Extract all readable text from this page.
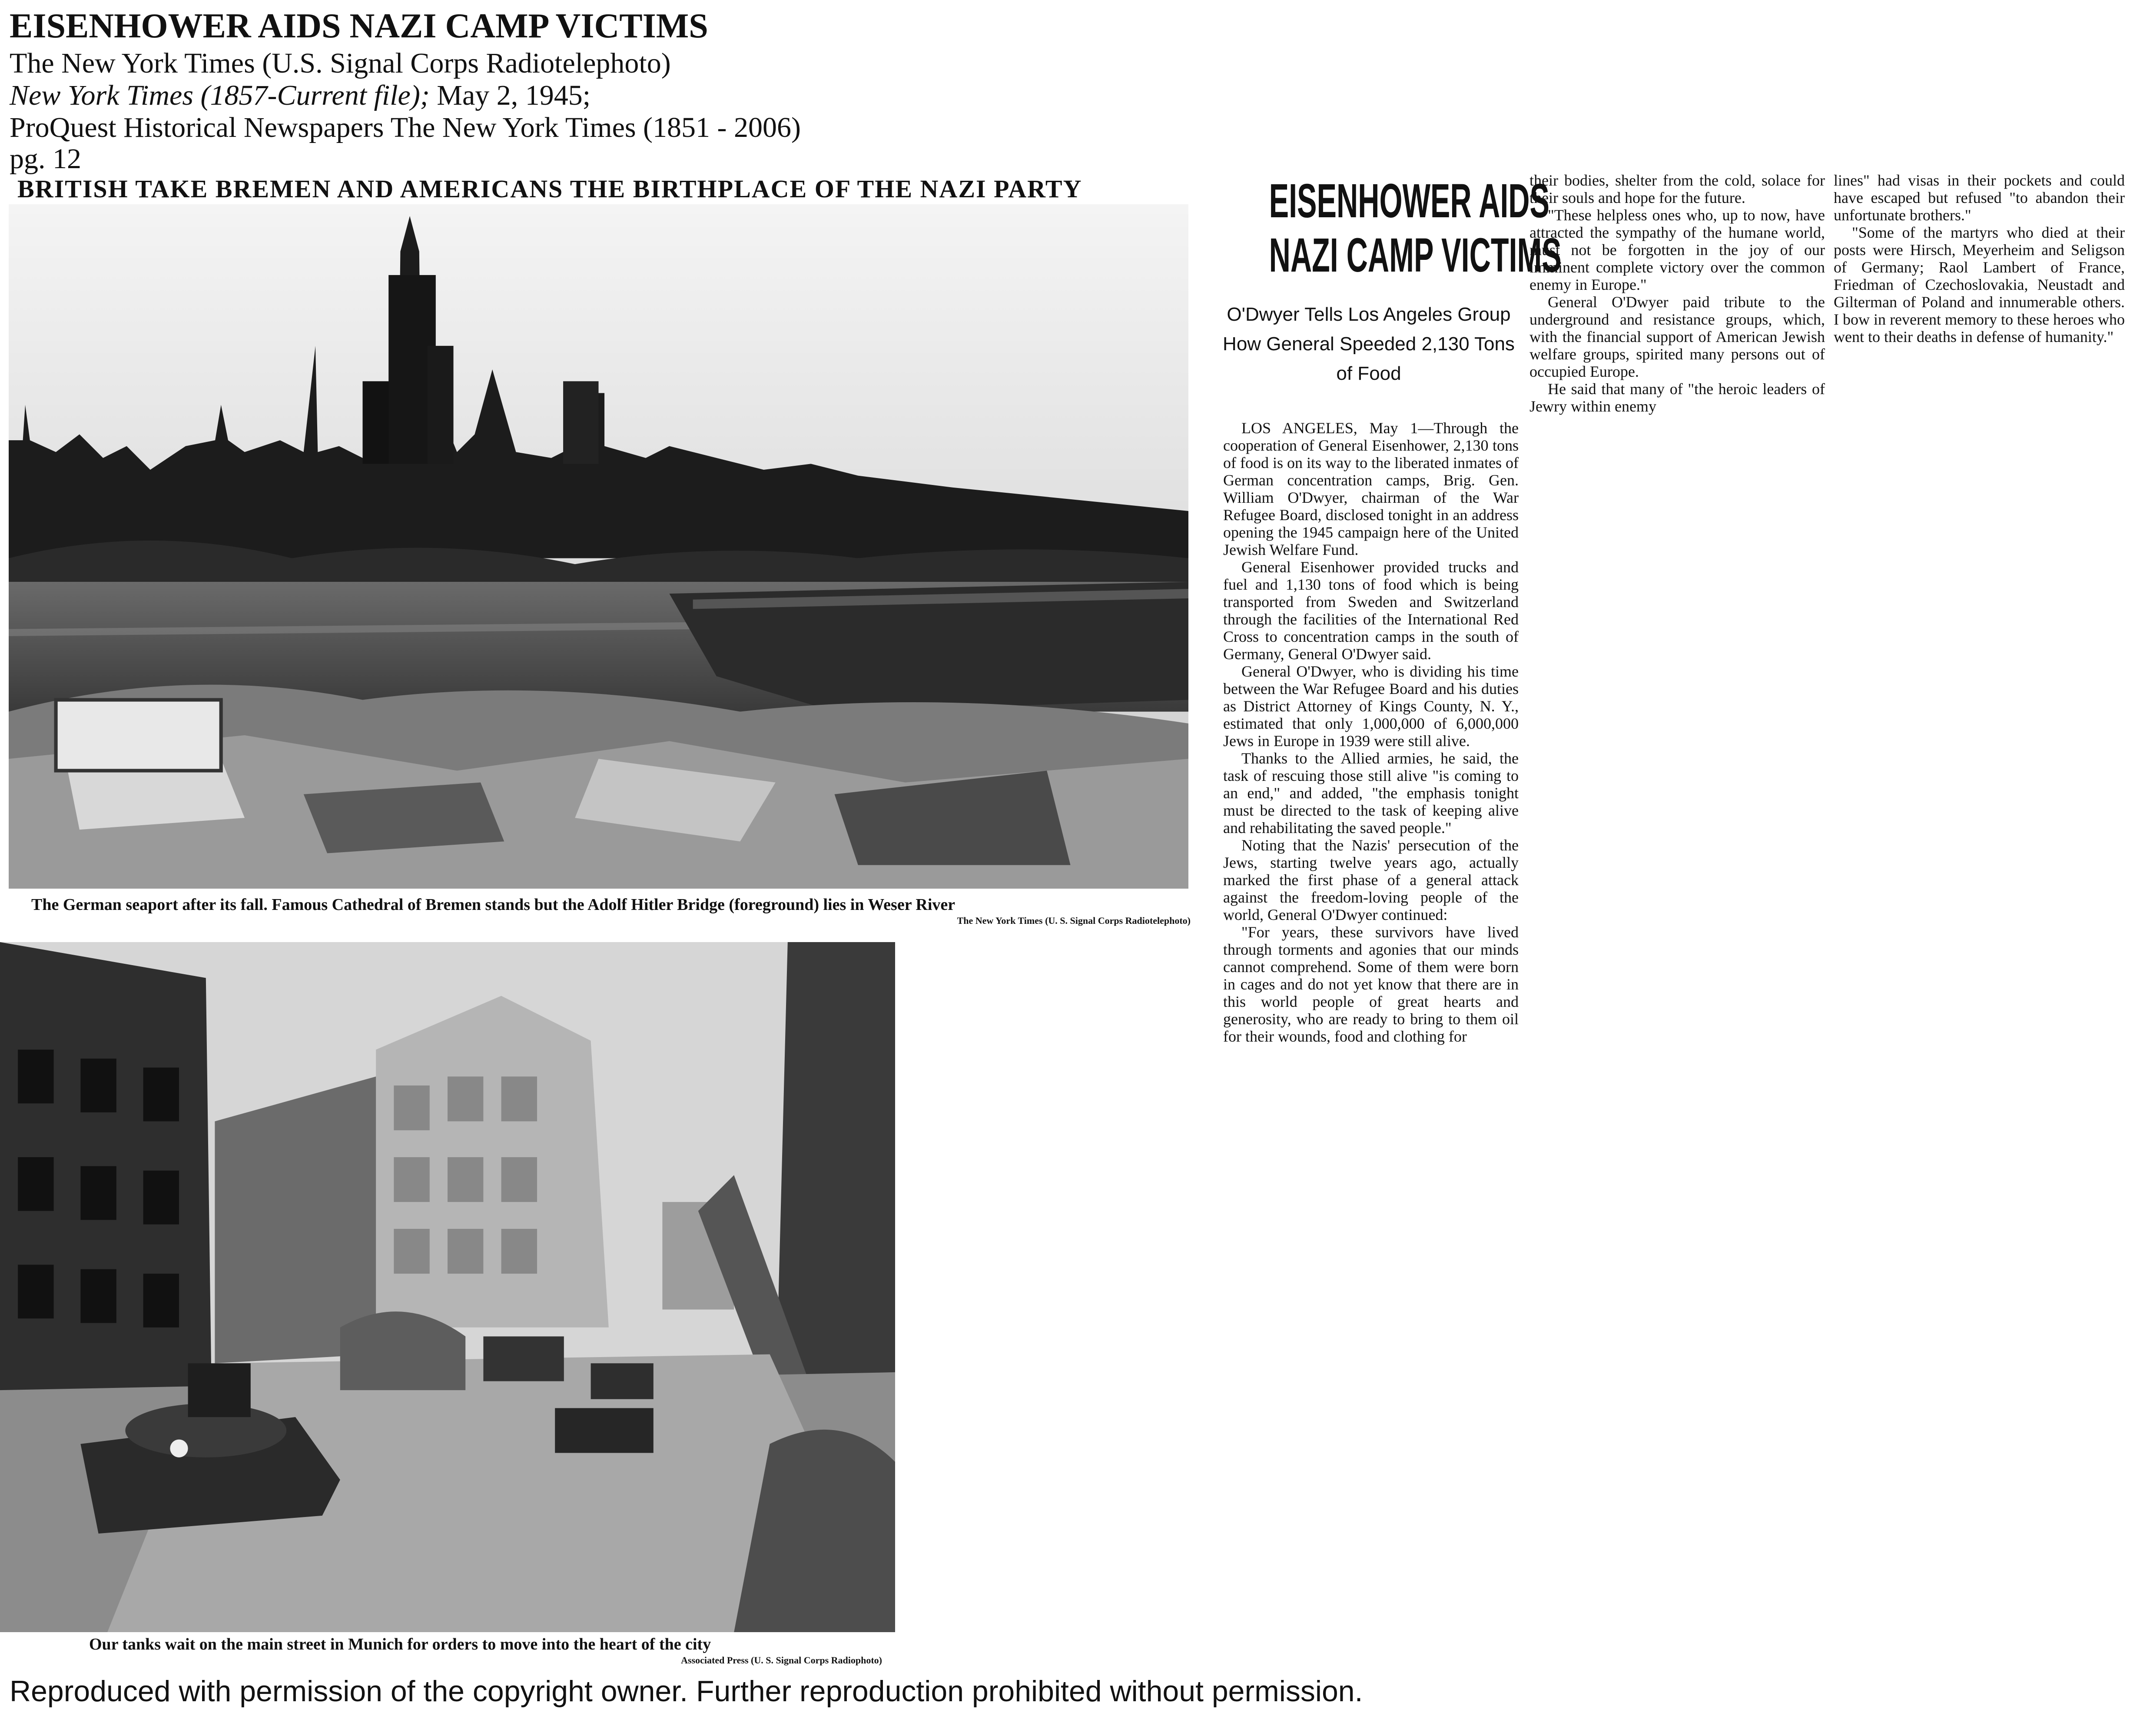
EISENHOWER AIDS NAZI CAMP VICTIMS
The New York Times (U.S. Signal Corps Radiotelephoto)
New York Times (1857-Current file); May 2, 1945;
ProQuest Historical Newspapers The New York Times (1851 - 2006)
pg. 12
BRITISH TAKE BREMEN AND AMERICANS THE BIRTHPLACE OF THE NAZI PARTY
The German seaport after its fall. Famous Cathedral of Bremen stands but the Adolf Hitler Bridge (foreground) lies in Weser River
The New York Times (U. S. Signal Corps Radiotelephoto)
Our tanks wait on the main street in Munich for orders to move into the heart of the city
Associated Press (U. S. Signal Corps Radiophoto)
EISENHOWER AIDS
NAZI CAMP VICTIMS
O'Dwyer Tells Los Angeles Group How General Speeded 2,130 Tons of Food

LOS ANGELES, May 1—Through the cooperation of General Eisenhower, 2,130 tons of food is on its way to the liberated inmates of German concentration camps, Brig. Gen. William O'Dwyer, chairman of the War Refugee Board, disclosed tonight in an address opening the 1945 campaign here of the United Jewish Welfare Fund.

General Eisenhower provided trucks and fuel and 1,130 tons of food which is being transported from Sweden and Switzerland through the facilities of the International Red Cross to concentration camps in the south of Germany, General O'Dwyer said.

General O'Dwyer, who is dividing his time between the War Refugee Board and his duties as District Attorney of Kings County, N. Y., estimated that only 1,000,000 of 6,000,000 Jews in Europe in 1939 were still alive.

Thanks to the Allied armies, he said, the task of rescuing those still alive "is coming to an end," and added, "the emphasis tonight must be directed to the task of keeping alive and rehabilitating the saved people."

Noting that the Nazis' persecution of the Jews, starting twelve years ago, actually marked the first phase of a general attack against the freedom-loving people of the world, General O'Dwyer continued:

"For years, these survivors have lived through torments and agonies that our minds cannot comprehend. Some of them were born in cages and do not yet know that there are in this world people of great hearts and generosity, who are ready to bring to them oil for their wounds, food and clothing for

their bodies, shelter from the cold, solace for their souls and hope for the future.

"These helpless ones who, up to now, have attracted the sympathy of the humane world, must not be forgotten in the joy of our imminent complete victory over the common enemy in Europe."

General O'Dwyer paid tribute to the underground and resistance groups, which, with the financial support of American Jewish welfare groups, spirited many persons out of occupied Europe.

He said that many of "the heroic leaders of Jewry within enemy

lines" had visas in their pockets and could have escaped but refused "to abandon their unfortunate brothers."

"Some of the martyrs who died at their posts were Hirsch, Meyerheim and Seligson of Germany; Raol Lambert of France, Friedman of Czechoslovakia, Neustadt and Gilterman of Poland and innumerable others. I bow in reverent memory to these heroes who went to their deaths in defense of humanity."

Reproduced with permission of the copyright owner. Further reproduction prohibited without permission.
